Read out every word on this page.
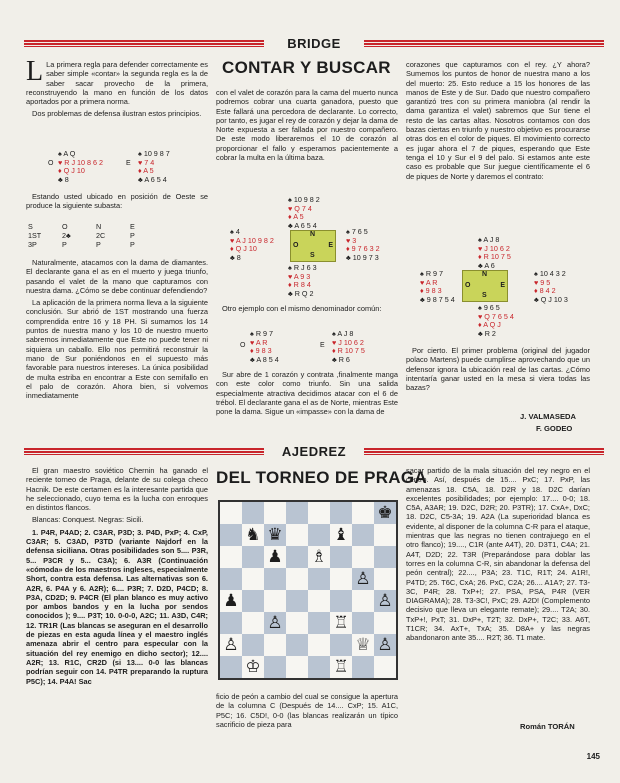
BRIDGE
CONTAR Y BUSCAR

L La primera regla para defender correctamente es saber simple «contar» la segunda regla es la de saber sacar provecho de la primera, reconstruyendo la mano en función de los datos aportados por a primera norma.

Dos problemas de defensa ilustran estos principios.

♠ A Q
♥ R J 10 8 6 2
♦ Q J 10
♣ 8
O	E
♠ 10 9 8 7
♥ 7 4
♦ A 5
♣ A 6 5 4

Estando usted ubicado en posición de Oeste se produce la siguiente subasta:

S	O	N	E
1ST	2♣	2C	P
3P	P	P	P

Naturalmente, atacamos con la dama de diamantes. El declarante gana el as en el muerto y juega triunfo, pasando el valet de la mano que capturamos con nuestra dama. ¿Cómo se debe continuar defendiendo?

La aplicación de la primera norma lleva a la siguiente conclusión. Sur abrió de 1ST mostrando una fuerza comprendida entre 16 y 18 PH. Si sumamos los 14 puntos de nuestra mano y los 10 de nuestro muerto sabremos inmediatamente que Este no puede tener ni siquiera un caballo. Ello nos permitirá reconstruir la mano de Sur poniéndonos en el supuesto más favorable para nuestros intereses. La única posibilidad de multa estriba en encontrar a Este con semifallo en el palo de corazón. Ahora bien, si volvemos inmediatamente

con el valet de corazón para la cama del muerto nunca podremos cobrar una cuarta ganadora, puesto que Este fallará una percedora de declarante. Lo correcto, por tanto, es jugar el rey de corazón y dejar la dama de Norte expuesta a ser fallada por nuestro compañero. De este modo liberaremos el 10 de corazón al proporcionar el fallo y esperamos pacientemente a cobrar la multa en la última baza.

♠ 10 9 8 2
♥ Q 7 4
♦ A 5
♣ A 6 5 4
♠ 4
♥ A J 10 9 8 2
♦ Q J 10
♣ 8
N
O	E
S
♠ 7 6 5
♥ 3
♦ 9 7 6 3 2
♣ 10 9 7 3
♠ R J 6 3
♥ A 9 3
♦ R 8 4
♣ R Q 2

Otro ejemplo con el mismo denominador común:

♠ R 9 7
♥ A R
♦ 9 8 3
♣ A 8 5 4
O	E
♠ A J 8
♥ J 10 6 2
♦ R 10 7 5
♣ R 6

Sur abre de 1 corazón y contrata ,finalmente manga con este color como triunfo. Sin una salida especialmente atractiva decidimos atacar con el 6 de trébol. El declarante gana el as de Norte, mientras Este pone la dama. Sigue un «impasse» con la dama de

corazones que capturamos con el rey. ¿Y ahora? Sumemos los puntos de honor de nuestra mano a los del muerto: 25. Esto reduce a 15 los honores de las manos de Este y de Sur. Dado que nuestro compañero garantizó tres con su primera maniobra (al rendir la dama garantiza el valet) sabremos que Sur tiene el resto de las cartas altas. Nosotros contamos con dos bazas ciertas en triunfo y nuestro objetivo es procurarse otras dos en el color de piques. El movimiento correcto es jugar ahora el 7 de piques, esperando que Este tenga el 10 y Sur el 9 del palo. Si estamos ante este caso es probable que Sur juegue científicamente el 6 de piques de Norte y daremos el contrato:

♠ A J 8
♥ J 10 6 2
♦ R 10 7 5
♣ A 6
♠ R 9 7
♥ A R
♦ 9 8 3
♣ 9 8 7 5 4
N
O	E
S
♠ 10 4 3 2
♥ 9 5
♦ 8 4 2
♣ Q J 10 3
♠ 9 6 5
♥ Q 7 6 5 4
♦ A Q J
♣ R 2

Por cierto. El primer problema (original del jugador polaco Martens) puede cumplirse aprovechando que un defensor ignora la ubicación real de las cartas. ¿Cómo intentaría ganar usted en la mesa si viera todas las bazas?

J. VALMASEDA
F. GODEO
AJEDREZ
DEL TORNEO DE PRAGA

El gran maestro soviético Chernin ha ganado el reciente torneo de Praga, delante de su colega checo Hacnik. De este certamen es la interesante partida que he seleccionado, cuyo tema es la lucha con enroques en distintos flancos.

Blancas: Conquest. Negras: Sicili.

1. P4R, P4AD; 2. C3AR, P3D; 3. P4D, PxP; 4. CxP, C3AR; 5. C3AD, P3TD (variante Najdorf en la defensa siciliana. Otras posibilidades son 5.... P3R, 5... P3CR y 5... C3A); 6. A3R (Continuación «cómoda» de los maestros ingleses, especialmente Short, contra esta defensa. Las alternativas son 6. A2R, 6. P4A y 6. A2R); 6.... P3R; 7. D2D, P4CD; 8. P3A, CD2D; 9. P4CR (El plan blanco es muy activo por ambos bandos y en la lucha por sendos conocidos ); 9.... P3T; 10. 0-0-0, A2C; 11. A3D, C4R; 12. TR1R (Las blancas se aseguran en el desarrollo de piezas en esta aguda línea y el maestro inglés amenaza abrir el centro para especular con la situación del rey enemigo en dicho sector); 12.... A2R; 13. R1C, CR2D (si 13.... 0-0 las blancas podrían seguir con 14. P4TR preparando la ruptura P5C); 14. P4A! Sac

♚
♞ ♛	♝
♟ ♗
♙
♟	♙
♙	♖
♙	♕ ♙
♔	♖

ficio de peón a cambio del cual se consigue la apertura de la columna C (Después de 14.... CxP; 15. A1C, P5C; 16. C5D!, 0-0 (las blancas realizarán un típico sacrificio de pieza para

sacar partido de la mala situación del rey negro en el centro. Así, después de 15.... PxC; 17. PxP, las amenazas 18. C5A, 18. D2R y 18. D2C darían excelentes posibilidades; por ejemplo: 17.... 0-0; 18. C5A, A3AR; 19. D2C, D2R; 20. P3TR); 17. CxA+, DxC; 18. D2C, C5-3A; 19. A2A (La superioridad blanca es evidente, al disponer de la columna C-R para el ataque, mientras que las negras no tienen contrajuego en el otro flanco); 19...., C1R (ante A4T), 20. D3T1, C4A; 21. A4T, D2D; 22. T3R (Preparándose para doblar las torres en la columna C-R, sin abandonar la defensa del peón central); 22...., P3A; 23. T1C, R1T; 24. A1R!, P4TD; 25. T6C, CxA; 26. PxC, C2A; 26.... A1A?; 27. T3-3C, P4R; 28. TxP+!; 27. PSA, PSA, P4R (VER DIAGRAMA); 28. T3-3C!, PxC; 29. A2D! (Complemento decisivo que lleva un elegante remate); 29.... T2A; 30. TxP+!, PxT; 31. DxP+, T2T; 32. DxP+, T2C; 33. A6T, T1CR; 34. AxT+, TxA; 35. D8A+ y las negras abandonaron ante 35.... R2T; 36. T1 mate.

Román TORÁN
145
